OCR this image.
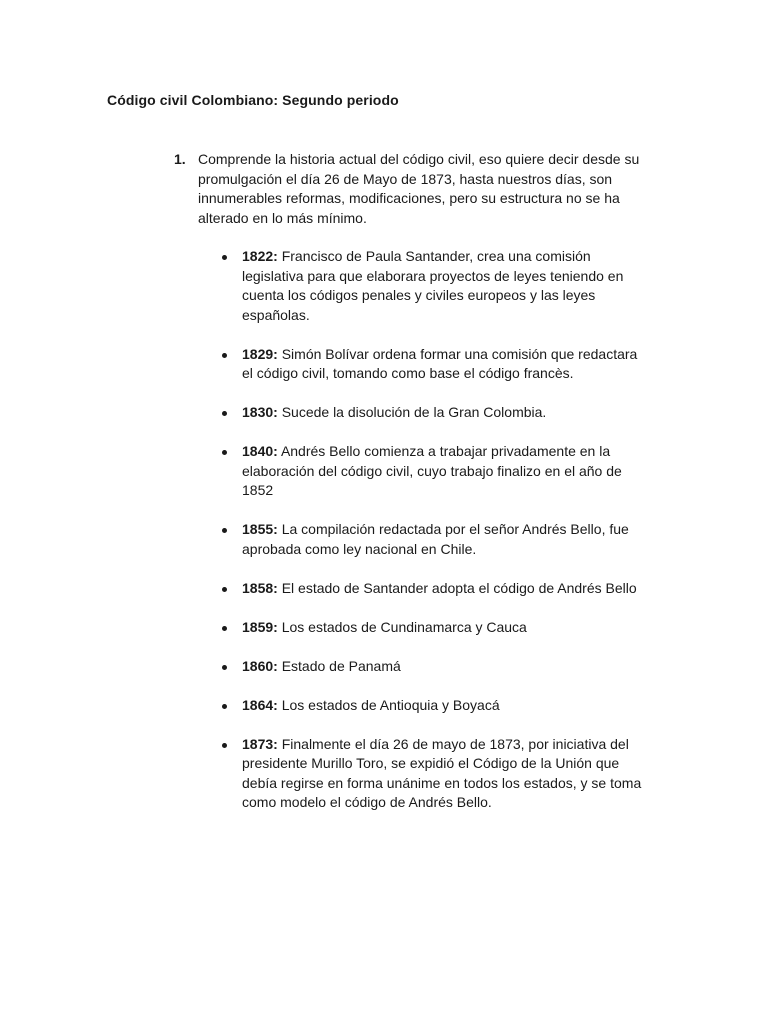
Código civil Colombiano: Segundo periodo
1. Comprende la historia actual del código civil, eso quiere decir desde su promulgación el día 26 de Mayo de 1873, hasta nuestros días, son innumerables reformas, modificaciones, pero su estructura no se ha alterado en lo más mínimo.
1822: Francisco de Paula Santander, crea una comisión legislativa para que elaborara proyectos de leyes teniendo en cuenta los códigos penales y civiles europeos y las leyes españolas.
1829: Simón Bolívar ordena formar una comisión que redactara el código civil, tomando como base el código francès.
1830: Sucede la disolución de la Gran Colombia.
1840: Andrés Bello comienza a trabajar privadamente en la elaboración del código civil, cuyo trabajo finalizo en el año de 1852
1855: La compilación redactada por el señor Andrés Bello, fue aprobada como ley nacional en Chile.
1858: El estado de Santander adopta el código de Andrés Bello
1859: Los estados de Cundinamarca y Cauca
1860: Estado de Panamá
1864: Los estados de Antioquia y Boyacá
1873: Finalmente el día 26 de mayo de 1873, por iniciativa del presidente Murillo Toro, se expidió el Código de la Unión que debía regirse en forma unánime en todos los estados, y se toma como modelo el código de Andrés Bello.
